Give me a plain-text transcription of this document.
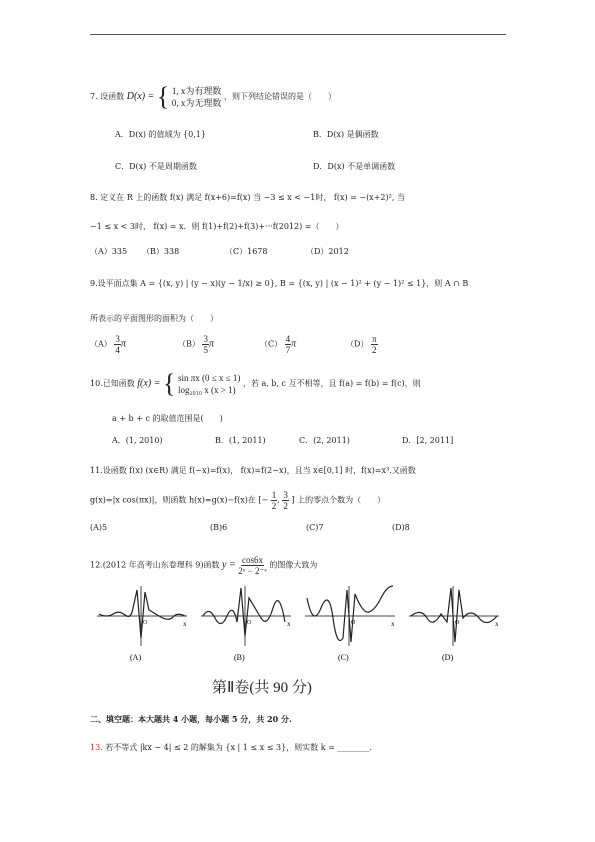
7. 设函数 D(x) = { 1, x为有理数
0, x为无理数
，则下列结论错误的是（　　）
A．D(x) 的值域为 {0,1}	B．D(x) 是偶函数
C．D(x) 不是周期函数	D．D(x) 不是单调函数
8. 定义在 R 上的函数 f(x) 满足 f(x+6)=f(x) 当 −3 ≤ x < −1时， f(x) = −(x+2)², 当
−1 ≤ x < 3时， f(x) = x．则 f(1)+f(2)+f(3)+···f(2012) =（　　）
（A）335 （B）338	（C）1678	（D）2012
9.设平面点集 A = {(x, y) | (y − x)(y − 1/x) ≥ 0}, B = {(x, y) | (x − 1)² + (y − 1)² ≤ 1}，则 A ∩ B
所表示的平面图形的面积为（　　）
$(A) \frac{3}{4}$ π	$(B) \frac{3}{5}$ π	$(C) \frac{4}{7}$ π	$(D) \frac{\pi}{2}$
10.已知函数 f(x) = { sin πx (0 ≤ x ≤ 1)
log₂₀₁₀ x (x > 1)
，若 a, b, c 互不相等，且 f(a) = f(b) = f(c)，则
a + b + c 的取值范围是(　　)
A．(1, 2010)	B．(1, 2011)	C．(2, 2011)	D．[2, 2011]
11.设函数 f(x) (x∈R) 满足 f(−x)=f(x)， f(x)=f(2−x)，且当 x∈[0,1] 时，f(x)=x³.又函数
g(x)=|x cos(πx)|，则函数 h(x)=g(x)−f(x)在 [− $\frac{1}{2}$ , $\frac{3}{2}$ ] 上的零点个数为（　　）
(A)5	(B)6	(C)7	(D)8
12.(2012 年高考山东卷理科 9)函数 $y = \frac{\cos 6x}{\text{2ˣ − 2⁻ˣ}}$ 的图像大致为
x
O
(A)
x
O
(B)
x
O
(C)
x
O
(D)
第Ⅱ卷(共 90 分)
二、填空题：本大题共 4 小题，每小题 5 分，共 20 分.
13. 若不等式 |kx − 4| ≤ 2 的解集为 {x | 1 ≤ x ≤ 3}，则实数 k = ________.
